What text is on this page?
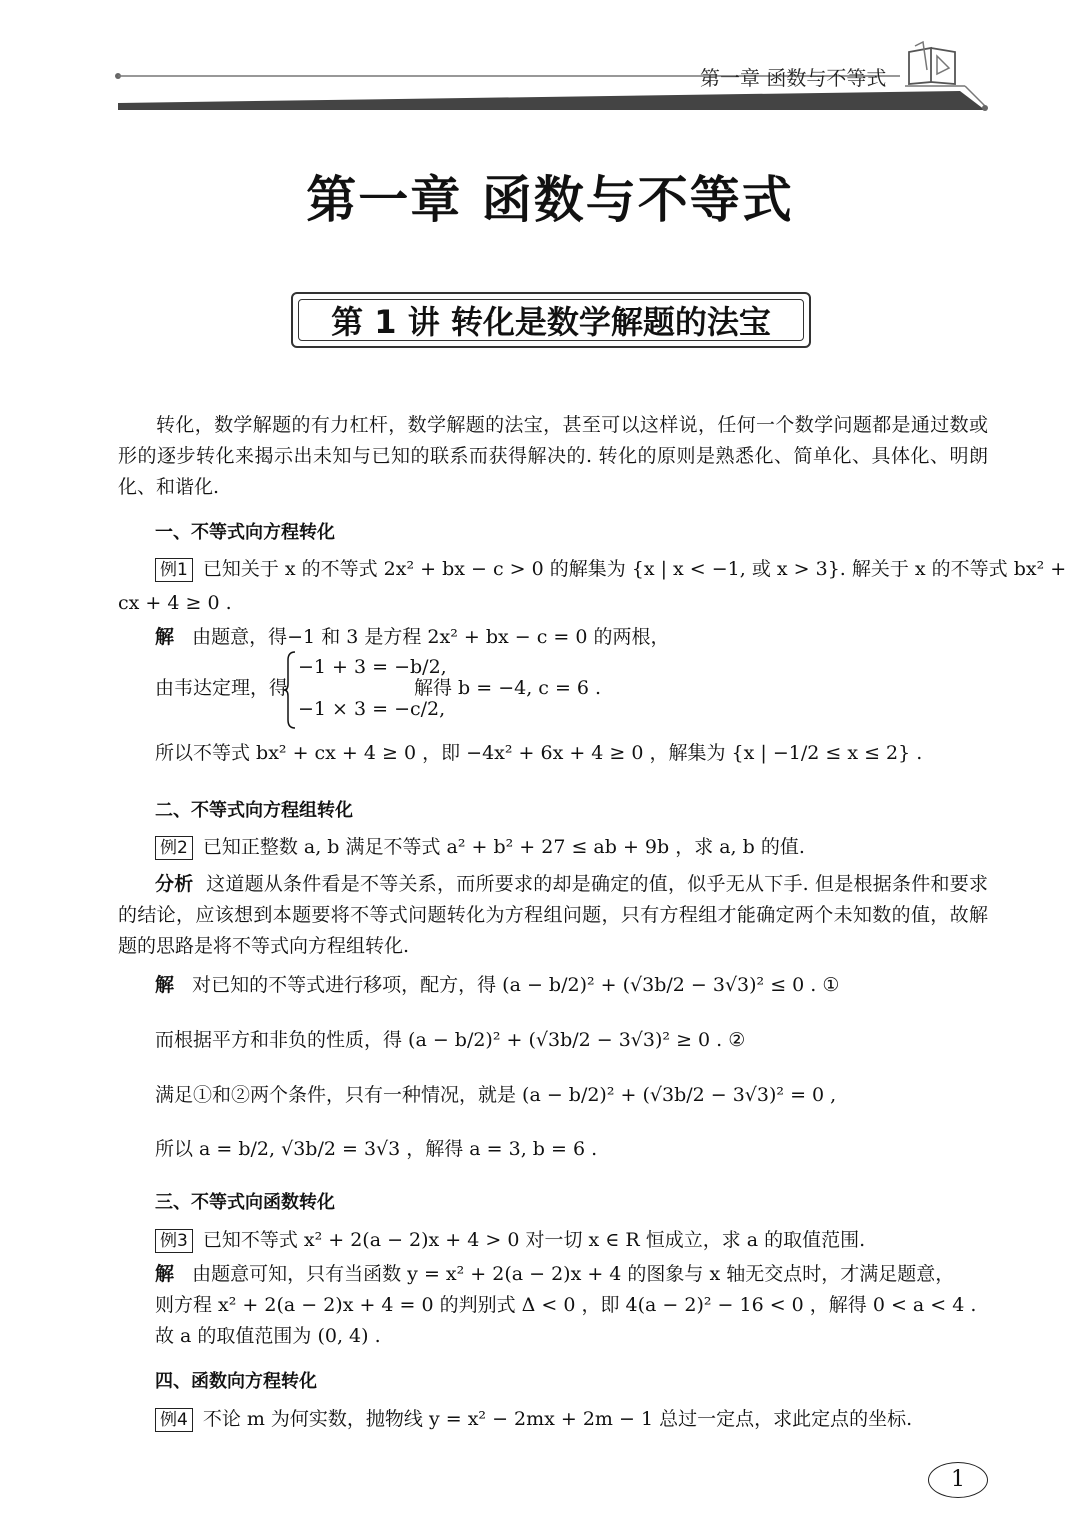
第一章 函数与不等式
第一章 函数与不等式
第 1 讲 转化是数学解题的法宝
转化，数学解题的有力杠杆，数学解题的法宝，甚至可以这样说，任何一个数学问题都是通过数或形的逐步转化来揭示出未知与已知的联系而获得解决的. 转化的原则是熟悉化、简单化、具体化、明朗化、和谐化.
一、不等式向方程转化
例1 已知关于 x 的不等式 2x² + bx − c > 0 的解集为 {x | x < −1, 或 x > 3}. 解关于 x 的不等式 bx² +
cx + 4 ≥ 0 .
解 由题意，得−1 和 3 是方程 2x² + bx − c = 0 的两根，
由韦达定理，得
−1 + 3 = −b/2,
−1 × 3 = −c/2,
解得 b = −4, c = 6 .
所以不等式 bx² + cx + 4 ≥ 0 ，即 −4x² + 6x + 4 ≥ 0 ，解集为 {x | −1/2 ≤ x ≤ 2} .
二、不等式向方程组转化
例2 已知正整数 a, b 满足不等式 a² + b² + 27 ≤ ab + 9b ，求 a, b 的值.
分析 这道题从条件看是不等关系，而所要求的却是确定的值，似乎无从下手. 但是根据条件和要求的结论，应该想到本题要将不等式问题转化为方程组问题，只有方程组才能确定两个未知数的值，故解题的思路是将不等式向方程组转化.
解 对已知的不等式进行移项，配方，得 (a − b/2)² + (√3b/2 − 3√3)² ≤ 0 . ①
而根据平方和非负的性质，得 (a − b/2)² + (√3b/2 − 3√3)² ≥ 0 . ②
满足①和②两个条件，只有一种情况，就是 (a − b/2)² + (√3b/2 − 3√3)² = 0 ,
所以 a = b/2, √3b/2 = 3√3 ，解得 a = 3, b = 6 .
三、不等式向函数转化
例3 已知不等式 x² + 2(a − 2)x + 4 > 0 对一切 x ∈ R 恒成立，求 a 的取值范围.
解 由题意可知，只有当函数 y = x² + 2(a − 2)x + 4 的图象与 x 轴无交点时，才满足题意，
则方程 x² + 2(a − 2)x + 4 = 0 的判别式 Δ < 0 ，即 4(a − 2)² − 16 < 0 ，解得 0 < a < 4 .
故 a 的取值范围为 (0, 4) .
四、函数向方程转化
例4 不论 m 为何实数，抛物线 y = x² − 2mx + 2m − 1 总过一定点，求此定点的坐标.
1
